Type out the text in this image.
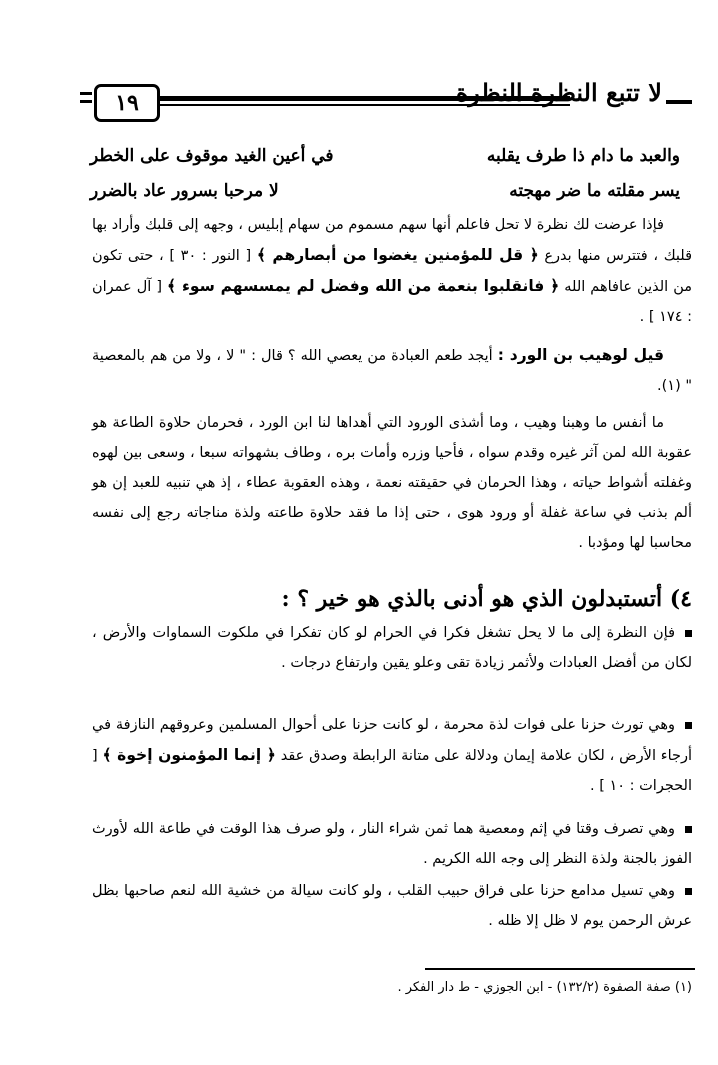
١٩	لا تتبع النظرة النظرة
والعبد ما دام ذا طرف يقلبه
في أعين الغيد موقوف على الخطر
يسر مقلته ما ضر مهجته
لا مرحبا بسرور عاد بالضرر
فإذا عرضت لك نظرة لا تحل فاعلم أنها سهم مسموم من سهام إبليس ، وجهه إلى قلبك وأراد بها قلبك ، فتترس منها بدرع ﴿ قل للمؤمنين يغضوا من أبصارهم ﴾ [ النور : ٣٠ ] ، حتى تكون من الذين عافاهم الله ﴿ فانقلبوا بنعمة من الله وفضل لم يمسسهم سوء ﴾ [ آل عمران : ١٧٤ ] .
قيل لوهيب بن الورد : أيجد طعم العبادة من يعصي الله ؟ قال : " لا ، ولا من هم بالمعصية " (١).
ما أنفس ما وهبنا وهيب ، وما أشذى الورود التي أهداها لنا ابن الورد ، فحرمان حلاوة الطاعة هو عقوبة الله لمن آثر غيره وقدم سواه ، فأحيا وزره وأمات بره ، وطاف بشهواته سبعا ، وسعى بين لهوه وغفلته أشواط حياته ، وهذا الحرمان في حقيقته نعمة ، وهذه العقوبة عطاء ، إذ هي تنبيه للعبد إن هو ألم بذنب في ساعة غفلة أو ورود هوى ، حتى إذا ما فقد حلاوة طاعته ولذة مناجاته رجع إلى نفسه محاسبا لها ومؤدبا .
٤) أتستبدلون الذي هو أدنى بالذي هو خير ؟ :
فإن النظرة إلى ما لا يحل تشغل فكرا في الحرام لو كان تفكرا في ملكوت السماوات والأرض ، لكان من أفضل العبادات ولأثمر زيادة تقى وعلو يقين وارتفاع درجات .
وهي تورث حزنا على فوات لذة محرمة ، لو كانت حزنا على أحوال المسلمين وعروقهم النازفة في أرجاء الأرض ، لكان علامة إيمان ودلالة على متانة الرابطة وصدق عقد ﴿ إنما المؤمنون إخوة ﴾ [ الحجرات : ١٠ ] .
وهي تصرف وقتا في إثم ومعصية هما ثمن شراء النار ، ولو صرف هذا الوقت في طاعة الله لأورث الفوز بالجنة ولذة النظر إلى وجه الله الكريم .
وهي تسيل مدامع حزنا على فراق حبيب القلب ، ولو كانت سيالة من خشية الله لنعم صاحبها بظل عرش الرحمن يوم لا ظل إلا ظله .
(١) صفة الصفوة (١٣٢/٢) - ابن الجوزي - ط دار الفكر .
